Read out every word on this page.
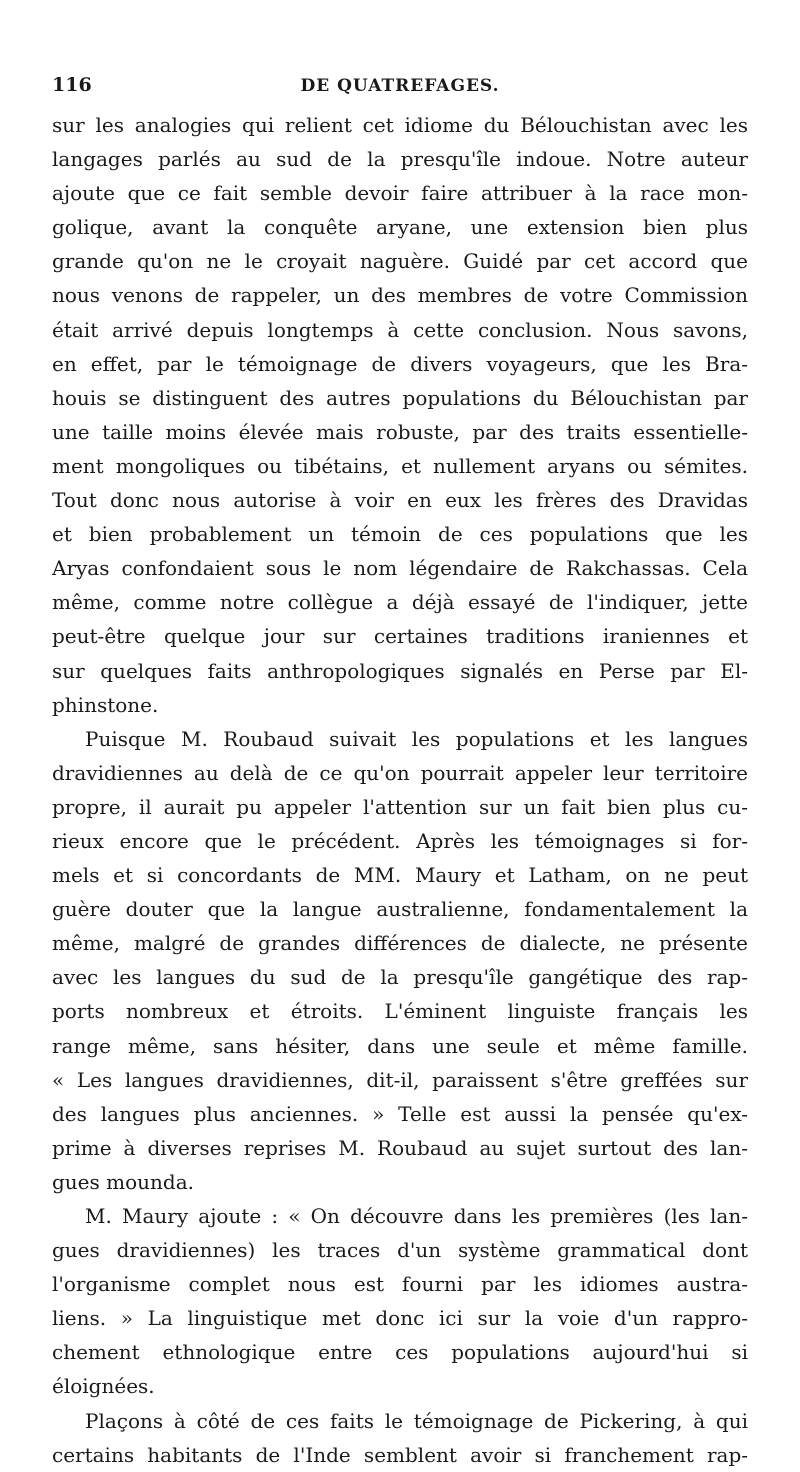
116	DE QUATREFAGES.
sur les analogies qui relient cet idiome du Bélouchistan avec les
langages parlés au sud de la presqu'île indoue. Notre auteur
ajoute que ce fait semble devoir faire attribuer à la race mon-
golique, avant la conquête aryane, une extension bien plus
grande qu'on ne le croyait naguère. Guidé par cet accord que
nous venons de rappeler, un des membres de votre Commission
était arrivé depuis longtemps à cette conclusion. Nous savons,
en effet, par le témoignage de divers voyageurs, que les Bra-
houis se distinguent des autres populations du Bélouchistan par
une taille moins élevée mais robuste, par des traits essentielle-
ment mongoliques ou tibétains, et nullement aryans ou sémites.
Tout donc nous autorise à voir en eux les frères des Dravidas
et bien probablement un témoin de ces populations que les
Aryas confondaient sous le nom légendaire de Rakchassas. Cela
même, comme notre collègue a déjà essayé de l'indiquer, jette
peut-être quelque jour sur certaines traditions iraniennes et
sur quelques faits anthropologiques signalés en Perse par El-
phinstone.
Puisque M. Roubaud suivait les populations et les langues
dravidiennes au delà de ce qu'on pourrait appeler leur territoire
propre, il aurait pu appeler l'attention sur un fait bien plus cu-
rieux encore que le précédent. Après les témoignages si for-
mels et si concordants de MM. Maury et Latham, on ne peut
guère douter que la langue australienne, fondamentalement la
même, malgré de grandes différences de dialecte, ne présente
avec les langues du sud de la presqu'île gangétique des rap-
ports nombreux et étroits. L'éminent linguiste français les
range même, sans hésiter, dans une seule et même famille.
« Les langues dravidiennes, dit-il, paraissent s'être greffées sur
des langues plus anciennes. » Telle est aussi la pensée qu'ex-
prime à diverses reprises M. Roubaud au sujet surtout des lan-
gues mounda.
M. Maury ajoute : « On découvre dans les premières (les lan-
gues dravidiennes) les traces d'un système grammatical dont
l'organisme complet nous est fourni par les idiomes austra-
liens. » La linguistique met donc ici sur la voie d'un rappro-
chement ethnologique entre ces populations aujourd'hui si
éloignées.
Plaçons à côté de ces faits le témoignage de Pickering, à qui
certains habitants de l'Inde semblent avoir si franchement rap-
